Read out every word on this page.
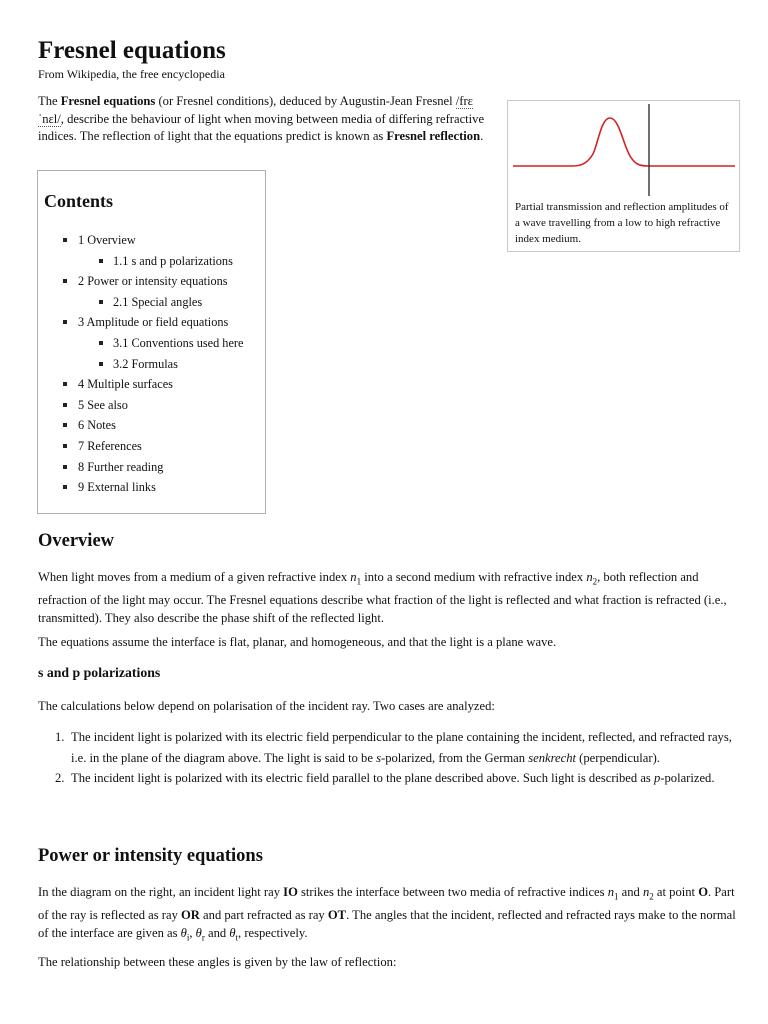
Fresnel equations
From Wikipedia, the free encyclopedia

The Fresnel equations (or Fresnel conditions), deduced by Augustin-Jean Fresnel /frɛˈnɛl/, describe the behaviour of light when moving between media of differing refractive indices. The reflection of light that the equations predict is known as Fresnel reflection.

Partial transmission and reflection amplitudes of a wave travelling from a low to high refractive index medium.
Contents
1 Overview
1.1 s and p polarizations
2 Power or intensity equations
2.1 Special angles
3 Amplitude or field equations
3.1 Conventions used here
3.2 Formulas
4 Multiple surfaces
5 See also
6 Notes
7 References
8 Further reading
9 External links
Overview

When light moves from a medium of a given refractive index $n_1$ into a second medium with refractive index $n_2$, both reflection and refraction of the light may occur. The Fresnel equations describe what fraction of the light is reflected and what fraction is refracted (i.e., transmitted). They also describe the phase shift of the reflected light.

The equations assume the interface is flat, planar, and homogeneous, and that the light is a plane wave.

s and p polarizations

The calculations below depend on polarisation of the incident ray. Two cases are analyzed:

1. The incident light is polarized with its electric field perpendicular to the plane containing the incident, reflected, and refracted rays, i.e. in the plane of the diagram above. The light is said to be s-polarized, from the German senkrecht (perpendicular).
2. The incident light is polarized with its electric field parallel to the plane described above. Such light is described as p-polarized.
Power or intensity equations

In the diagram on the right, an incident light ray IO strikes the interface between two media of refractive indices $n_1$ and $n_2$ at point O. Part of the ray is reflected as ray OR and part refracted as ray OT. The angles that the incident, reflected and refracted rays make to the normal of the interface are given as $\theta_i$, $\theta_r$ and $\theta_t$, respectively.

The relationship between these angles is given by the law of reflection:
